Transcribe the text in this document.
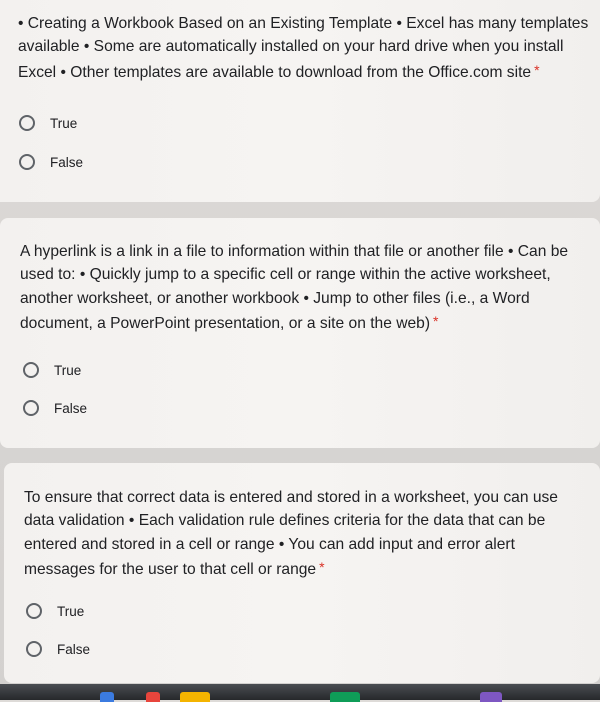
• Creating a Workbook Based on an Existing Template • Excel has many templates available • Some are automatically installed on your hard drive when you install Excel • Other templates are available to download from the Office.com site *

True
False

A hyperlink is a link in a file to information within that file or another file • Can be used to: • Quickly jump to a specific cell or range within the active worksheet, another worksheet, or another workbook • Jump to other files (i.e., a Word document, a PowerPoint presentation, or a site on the web) *

True
False

To ensure that correct data is entered and stored in a worksheet, you can use data validation • Each validation rule defines criteria for the data that can be entered and stored in a cell or range • You can add input and error alert messages for the user to that cell or range *

True
False
